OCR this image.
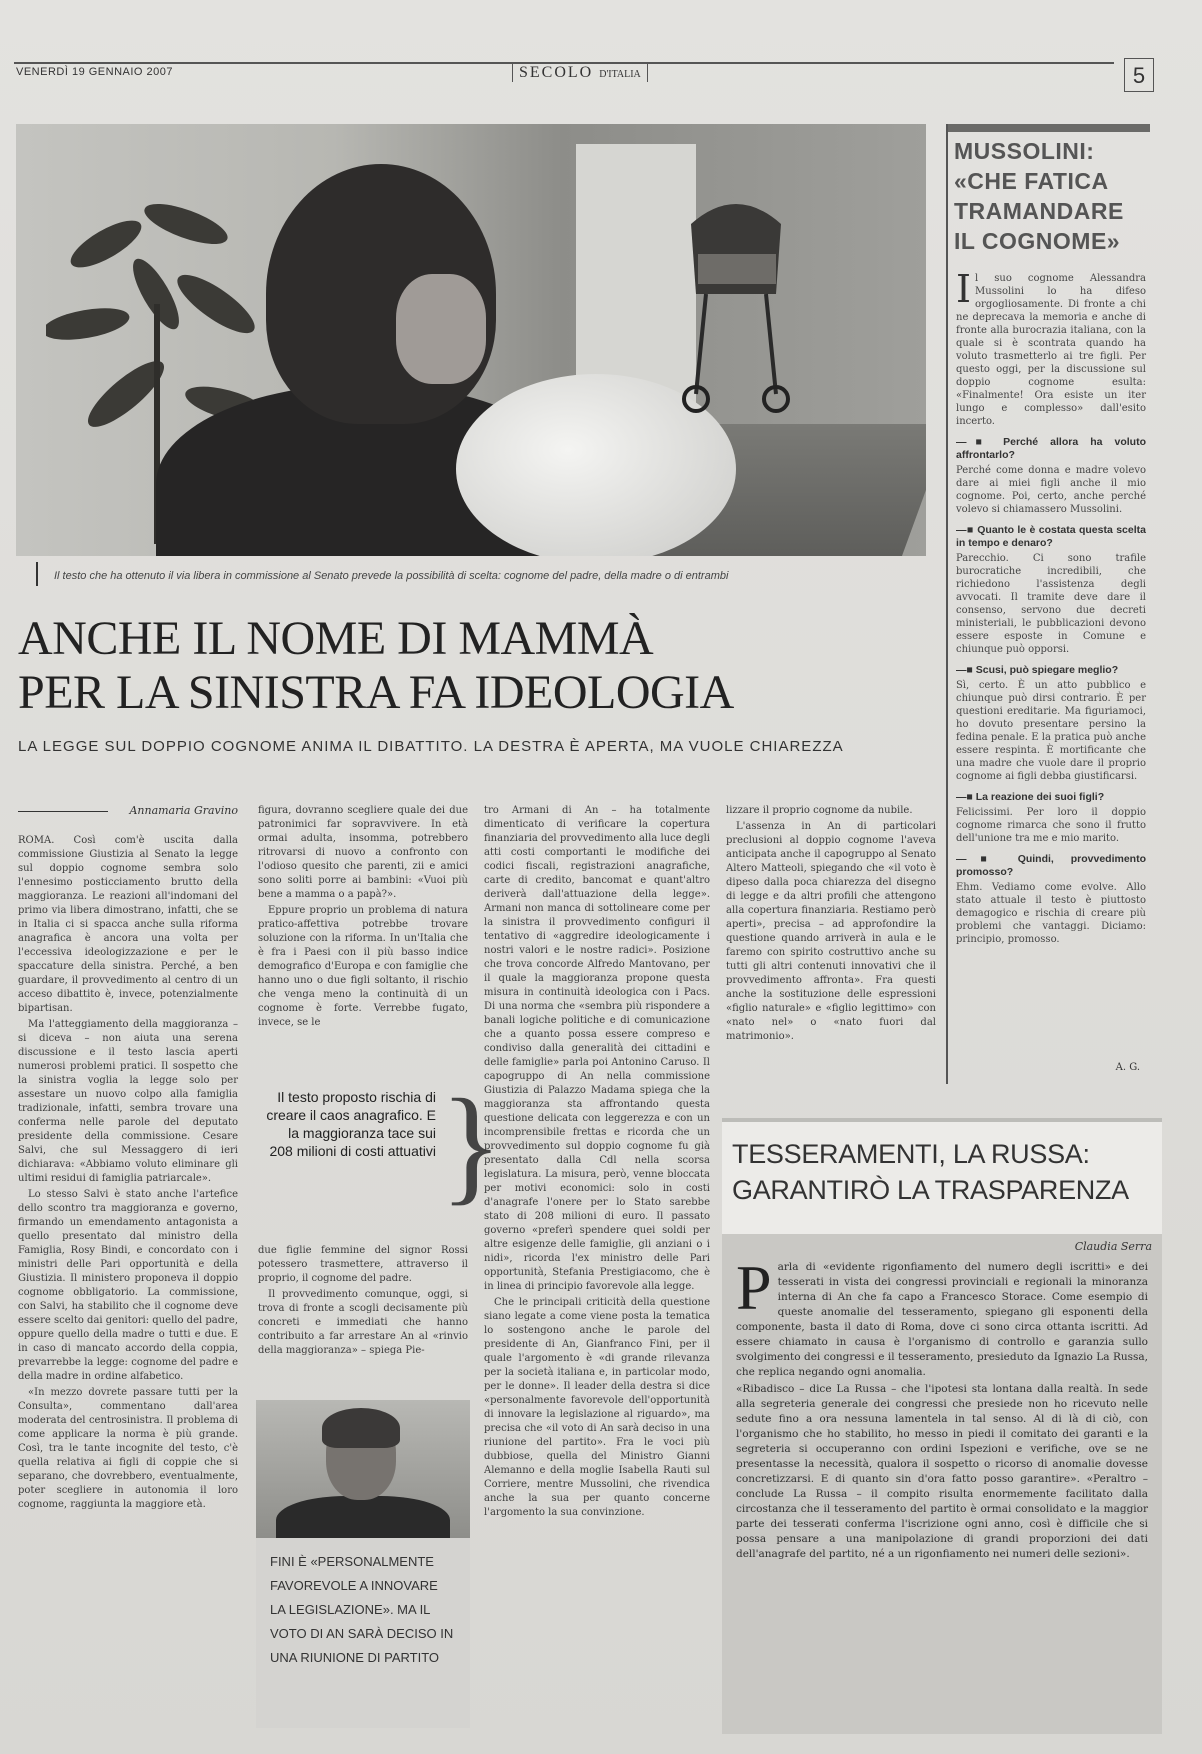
VENERDÌ 19 GENNAIO 2007	SECOLO D'ITALIA	5
Il testo che ha ottenuto il via libera in commissione al Senato prevede la possibilità di scelta: cognome del padre, della madre o di entrambi
ANCHE IL NOME DI MAMMÀ
PER LA SINISTRA FA IDEOLOGIA
LA LEGGE SUL DOPPIO COGNOME ANIMA IL DIBATTITO. LA DESTRA È APERTA, MA VUOLE CHIAREZZA
Annamaria Gravino

ROMA. Così com'è uscita dalla commissione Giustizia al Senato la legge sul doppio cognome sembra solo l'ennesimo posticciamento brutto della maggioranza. Le reazioni all'indomani del primo via libera dimostrano, infatti, che se in Italia ci si spacca anche sulla riforma anagrafica è ancora una volta per l'eccessiva ideologizzazione e per le spaccature della sinistra. Perché, a ben guardare, il provvedimento al centro di un acceso dibattito è, invece, potenzialmente bipartisan.

Ma l'atteggiamento della maggioranza – si diceva – non aiuta una serena discussione e il testo lascia aperti numerosi problemi pratici. Il sospetto che la sinistra voglia la legge solo per assestare un nuovo colpo alla famiglia tradizionale, infatti, sembra trovare una conferma nelle parole del deputato presidente della commissione. Cesare Salvi, che sul Messaggero di ieri dichiarava: «Abbiamo voluto eliminare gli ultimi residui di famiglia patriarcale».

Lo stesso Salvi è stato anche l'artefice dello scontro tra maggioranza e governo, firmando un emendamento antagonista a quello presentato dal ministro della Famiglia, Rosy Bindi, e concordato con i ministri delle Pari opportunità e della Giustizia. Il ministero proponeva il doppio cognome obbligatorio. La commissione, con Salvi, ha stabilito che il cognome deve essere scelto dai genitori: quello del padre, oppure quello della madre o tutti e due. E in caso di mancato accordo della coppia, prevarrebbe la legge: cognome del padre e della madre in ordine alfabetico.

«In mezzo dovrete passare tutti per la Consulta», commentano dall'area moderata del centrosinistra. Il problema di come applicare la norma è più grande. Così, tra le tante incognite del testo, c'è quella relativa ai figli di coppie che si separano, che dovrebbero, eventualmente, poter scegliere in autonomia il loro cognome, raggiunta la maggiore età.

figura, dovranno scegliere quale dei due patronimici far sopravvivere. In età ormai adulta, insomma, potrebbero ritrovarsi di nuovo a confronto con l'odioso quesito che parenti, zii e amici sono soliti porre ai bambini: «Vuoi più bene a mamma o a papà?».

Eppure proprio un problema di natura pratico-affettiva potrebbe trovare soluzione con la riforma. In un'Italia che è fra i Paesi con il più basso indice demografico d'Europa e con famiglie che hanno uno o due figli soltanto, il rischio che venga meno la continuità di un cognome è forte. Verrebbe fugato, invece, se le

Il testo proposto rischia di creare il caos anagrafico. E la maggioranza tace sui 208 milioni di costi attuativi }

due figlie femmine del signor Rossi potessero trasmettere, attraverso il proprio, il cognome del padre.

Il provvedimento comunque, oggi, si trova di fronte a scogli decisamente più concreti e immediati che hanno contribuito a far arrestare An al «rinvio della maggioranza» – spiega Pie-

FINI È «PERSONALMENTE FAVOREVOLE A INNOVARE LA LEGISLAZIONE». MA IL VOTO DI AN SARÀ DECISO IN UNA RIUNIONE DI PARTITO

tro Armani di An – ha totalmente dimenticato di verificare la copertura finanziaria del provvedimento alla luce degli atti costi comportanti le modifiche dei codici fiscali, registrazioni anagrafiche, carte di credito, bancomat e quant'altro deriverà dall'attuazione della legge». Armani non manca di sottolineare come per la sinistra il provvedimento configuri il tentativo di «aggredire ideologicamente i nostri valori e le nostre radici». Posizione che trova concorde Alfredo Mantovano, per il quale la maggioranza propone questa misura in continuità ideologica con i Pacs. Di una norma che «sembra più rispondere a banali logiche politiche e di comunicazione che a quanto possa essere compreso e condiviso dalla generalità dei cittadini e delle famiglie» parla poi Antonino Caruso. Il capogruppo di An nella commissione Giustizia di Palazzo Madama spiega che la maggioranza sta affrontando questa questione delicata con leggerezza e con un incomprensibile frettas e ricorda che un provvedimento sul doppio cognome fu già presentato dalla Cdl nella scorsa legislatura. La misura, però, venne bloccata per motivi economici: solo in costi d'anagrafe l'onere per lo Stato sarebbe stato di 208 milioni di euro. Il passato governo «preferì spendere quei soldi per altre esigenze delle famiglie, gli anziani o i nidi», ricorda l'ex ministro delle Pari opportunità, Stefania Prestigiacomo, che è in linea di principio favorevole alla legge.

Che le principali criticità della questione siano legate a come viene posta la tematica lo sostengono anche le parole del presidente di An, Gianfranco Fini, per il quale l'argomento è «di grande rilevanza per la società italiana e, in particolar modo, per le donne». Il leader della destra si dice «personalmente favorevole dell'opportunità di innovare la legislazione al riguardo», ma precisa che «il voto di An sarà deciso in una riunione del partito». Fra le voci più dubbiose, quella del Ministro Gianni Alemanno e della moglie Isabella Rauti sul Corriere, mentre Mussolini, che rivendica anche la sua per quanto concerne l'argomento la sua convinzione.

lizzare il proprio cognome da nubile.

L'assenza in An di particolari preclusioni al doppio cognome l'aveva anticipata anche il capogruppo al Senato Altero Matteoli, spiegando che «il voto è dipeso dalla poca chiarezza del disegno di legge e da altri profili che attengono alla copertura finanziaria. Restiamo però aperti», precisa – ad approfondire la questione quando arriverà in aula e le faremo con spirito costruttivo anche su tutti gli altri contenuti innovativi che il provvedimento affronta». Fra questi anche la sostituzione delle espressioni «figlio naturale» e «figlio legittimo» con «nato nel» o «nato fuori dal matrimonio».

MUSSOLINI: «CHE FATICA TRAMANDARE IL COGNOME»

Il suo cognome Alessandra Mussolini lo ha difeso orgogliosamente. Di fronte a chi ne deprecava la memoria e anche di fronte alla burocrazia italiana, con la quale si è scontrata quando ha voluto trasmetterlo ai tre figli. Per questo oggi, per la discussione sul doppio cognome esulta: «Finalmente! Ora esiste un iter lungo e complesso» dall'esito incerto.

—■ Perché allora ha voluto affrontarlo?

Perché come donna e madre volevo dare ai miei figli anche il mio cognome. Poi, certo, anche perché volevo si chiamassero Mussolini.

—■ Quanto le è costata questa scelta in tempo e denaro?

Parecchio. Ci sono trafile burocratiche incredibili, che richiedono l'assistenza degli avvocati. Il tramite deve dare il consenso, servono due decreti ministeriali, le pubblicazioni devono essere esposte in Comune e chiunque può opporsi.

—■ Scusi, può spiegare meglio?

Sì, certo. È un atto pubblico e chiunque può dirsi contrario. È per questioni ereditarie. Ma figuriamoci, ho dovuto presentare persino la fedina penale. E la pratica può anche essere respinta. È mortificante che una madre che vuole dare il proprio cognome ai figli debba giustificarsi.

—■ La reazione dei suoi figli?

Felicissimi. Per loro il doppio cognome rimarca che sono il frutto dell'unione tra me e mio marito.

—■ Quindi, provvedimento promosso?

Ehm. Vediamo come evolve. Allo stato attuale il testo è piuttosto demagogico e rischia di creare più problemi che vantaggi. Diciamo: principio, promosso.

A. G.
TESSERAMENTI, LA RUSSA:
GARANTIRÒ LA TRASPARENZA
Claudia Serra

Parla di «evidente rigonfiamento del numero degli iscritti» e dei tesserati in vista dei congressi provinciali e regionali la minoranza interna di An che fa capo a Francesco Storace. Come esempio di queste anomalie del tesseramento, spiegano gli esponenti della componente, basta il dato di Roma, dove ci sono circa ottanta iscritti. Ad essere chiamato in causa è l'organismo di controllo e garanzia sullo svolgimento dei congressi e il tesseramento, presieduto da Ignazio La Russa, che replica negando ogni anomalia.

«Ribadisco – dice La Russa – che l'ipotesi sta lontana dalla realtà. In sede alla segreteria generale dei congressi che presiede non ho ricevuto nelle sedute fino a ora nessuna lamentela in tal senso. Al di là di ciò, con l'organismo che ho stabilito, ho messo in piedi il comitato dei garanti e la segreteria si occuperanno con ordini Ispezioni e verifiche, ove se ne presentasse la necessità, qualora il sospetto o ricorso di anomalie dovesse concretizzarsi. E di quanto sin d'ora fatto posso garantire». «Peraltro – conclude La Russa – il compito risulta enormemente facilitato dalla circostanza che il tesseramento del partito è ormai consolidato e la maggior parte dei tesserati conferma l'iscrizione ogni anno, così è difficile che si possa pensare a una manipolazione di grandi proporzioni dei dati dell'anagrafe del partito, né a un rigonfiamento nei numeri delle sezioni».
